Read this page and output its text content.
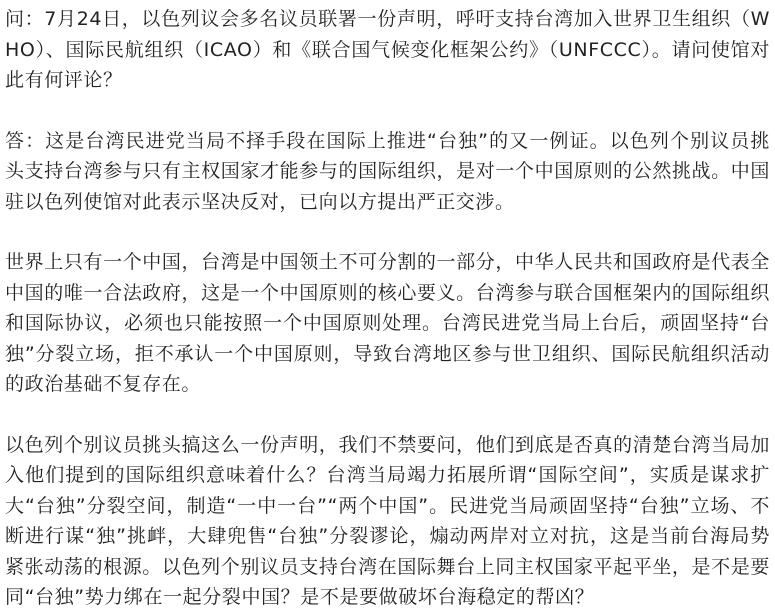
问：7月24日，以色列议会多名议员联署一份声明，呼吁支持台湾加入世界卫生组织（WHO）、国际民航组织（ICAO）和《联合国气候变化框架公约》（UNFCCC）。请问使馆对此有何评论？

答：这是台湾民进党当局不择手段在国际上推进“台独”的又一例证。以色列个别议员挑头支持台湾参与只有主权国家才能参与的国际组织，是对一个中国原则的公然挑战。中国驻以色列使馆对此表示坚决反对，已向以方提出严正交涉。

世界上只有一个中国，台湾是中国领土不可分割的一部分，中华人民共和国政府是代表全中国的唯一合法政府，这是一个中国原则的核心要义。台湾参与联合国框架内的国际组织和国际协议，必须也只能按照一个中国原则处理。台湾民进党当局上台后，顽固坚持“台独”分裂立场，拒不承认一个中国原则，导致台湾地区参与世卫组织、国际民航组织活动的政治基础不复存在。

以色列个别议员挑头搞这么一份声明，我们不禁要问，他们到底是否真的清楚台湾当局加入他们提到的国际组织意味着什么？台湾当局竭力拓展所谓“国际空间”，实质是谋求扩大“台独”分裂空间，制造“一中一台”“两个中国”。民进党当局顽固坚持“台独”立场、不断进行谋“独”挑衅，大肆兜售“台独”分裂谬论，煽动两岸对立对抗，这是当前台海局势紧张动荡的根源。以色列个别议员支持台湾在国际舞台上同主权国家平起平坐，是不是要同“台独”势力绑在一起分裂中国？是不是要做破坏台海稳定的帮凶？
